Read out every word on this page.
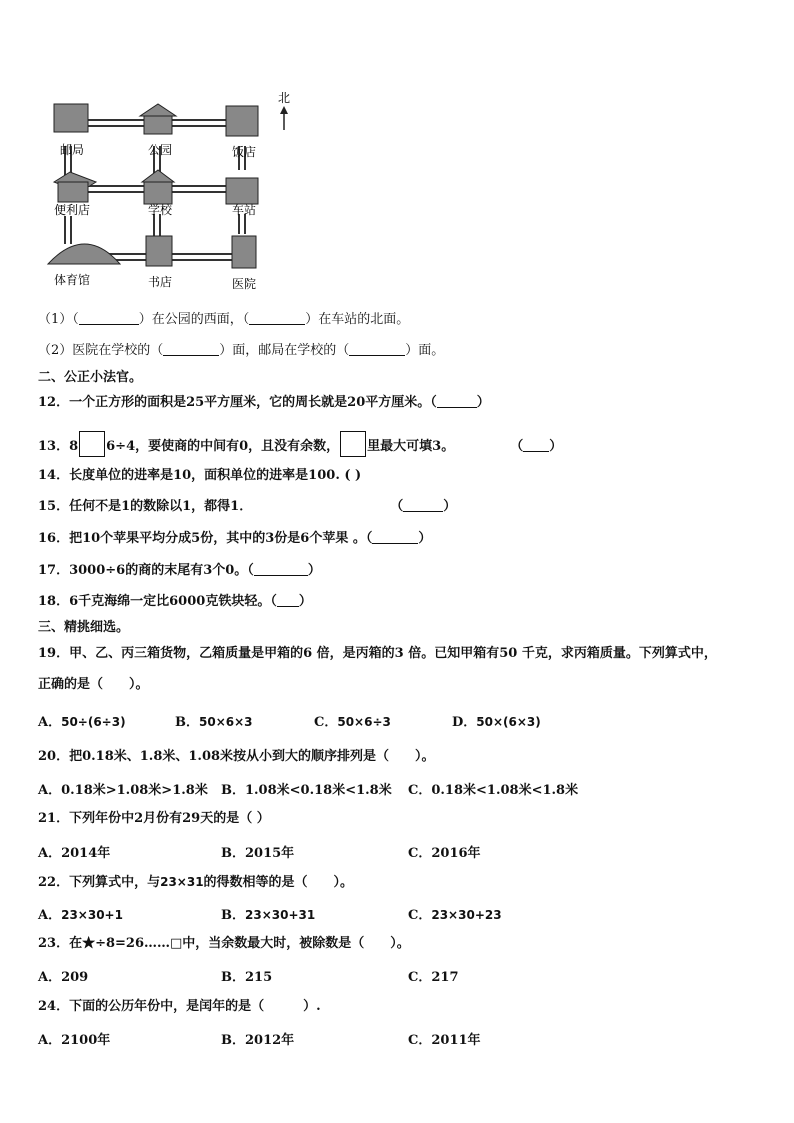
北
邮局	公园	饭店
便利店	学校	车站
体育馆	书店	医院
（1）（	）在公园的西面，（	）在车站的北面。
（2）医院在学校的（	）面，邮局在学校的（	）面。
二、公正小法官。
12．一个正方形的面积是25平方厘米，它的周长就是20平方厘米。（	）
13．8 6÷4，要使商的中间有0，且没有余数， 里最大可填3。	（ ）
14．长度单位的进率是10，面积单位的进率是100. ( )
15．任何不是1的数除以1，都得1．	（	）
16．把10个苹果平均分成5份，其中的3份是6个苹果 。（	）
17．3000÷6的商的末尾有3个0。（	）
18．6千克海绵一定比6000克铁块轻。（ ）
三、精挑细选。
19．甲、乙、丙三箱货物，乙箱质量是甲箱的6 倍，是丙箱的3 倍。已知甲箱有50 千克，求丙箱质量。下列算式中，
正确的是（　　）。
A．50÷(6÷3)	B．50×6×3	C．50×6÷3	D．50×(6×3)
20．把0.18米、1.8米、1.08米按从小到大的顺序排列是（　　）。
A．0.18米>1.08米>1.8米 B．1.08米<0.18米<1.8米 C．0.18米<1.08米<1.8米
21．下列年份中2月份有29天的是（ ）
A．2014年	B．2015年	C．2016年
22．下列算式中，与23×31的得数相等的是（　　）。
A．23×30+1	B．23×30+31	C．23×30+23
23．在★÷8=26……□中，当余数最大时，被除数是（　　）。
A．209	B．215	C．217
24．下面的公历年份中，是闰年的是（　　　）.
A．2100年	B．2012年	C．2011年
